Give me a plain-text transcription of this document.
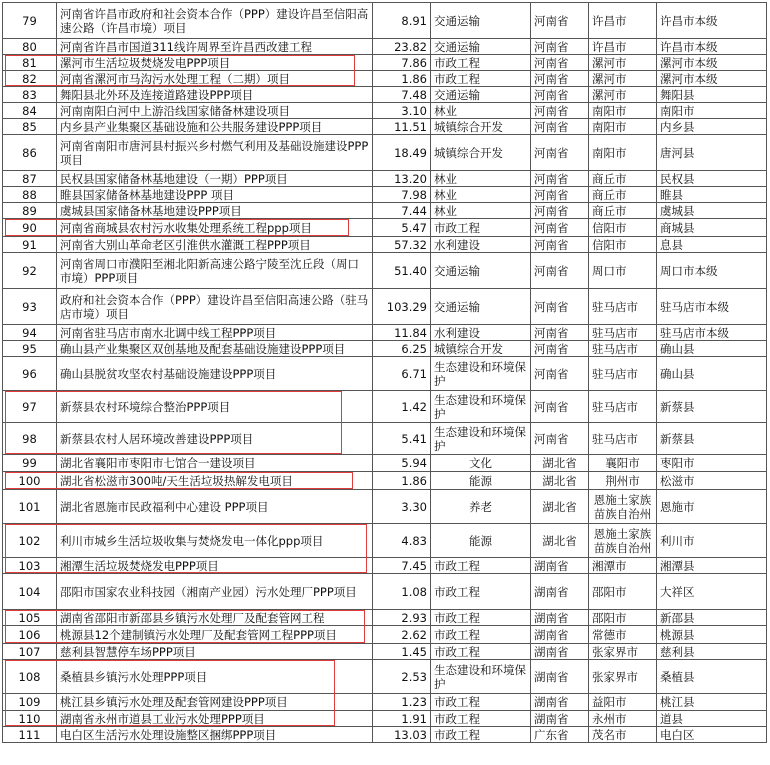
79	河南省许昌市政府和社会资本合作（PPP）建设许昌至信阳高速公路（许昌市境）项目	8.91	交通运输	河南省	许昌市	许昌市本级
80	河南省许昌市国道311线许周界至许昌西改建工程	23.82	交通运输	河南省	许昌市	许昌市本级
81	漯河市生活垃圾焚烧发电PPP项目	7.86	市政工程	河南省	漯河市	漯河市本级
82	河南省漯河市马沟污水处理工程（二期）项目	1.86	市政工程	河南省	漯河市	漯河市本级
83	舞阳县北外环及连接道路建设PPP项目	7.48	交通运输	河南省	漯河市	舞阳县
84	河南南阳白河中上游沿线国家储备林建设项目	3.10	林业	河南省	南阳市	南阳市
85	内乡县产业集聚区基础设施和公共服务建设PPP项目	11.51	城镇综合开发	河南省	南阳市	内乡县
86	河南省南阳市唐河县村振兴乡村燃气利用及基础设施建设PPP项目	18.49	城镇综合开发	河南省	南阳市	唐河县
87	民权县国家储备林基地建设（一期）PPP项目	13.20	林业	河南省	商丘市	民权县
88	睢县国家储备林基地建设PPP 项目	7.98	林业	河南省	商丘市	睢县
89	虞城县国家储备林基地建设PPP项目	7.44	林业	河南省	商丘市	虞城县
90	河南省商城县农村污水收集处理系统工程ppp项目	5.47	市政工程	河南省	信阳市	商城县
91	河南省大别山革命老区引淮供水灌溉工程PPP项目	57.32	水利建设	河南省	信阳市	息县
92	河南省周口市濮阳至湘北阳新高速公路宁陵至沈丘段（周口市境）PPP项目	51.40	交通运输	河南省	周口市	周口市本级
93	政府和社会资本合作（PPP）建设许昌至信阳高速公路（驻马店市境）项目	103.29	交通运输	河南省	驻马店市	驻马店市本级
94	河南省驻马店市南水北调中线工程PPP项目	11.84	水利建设	河南省	驻马店市	驻马店市本级
95	确山县产业集聚区双创基地及配套基础设施建设PPP项目	6.25	城镇综合开发	河南省	驻马店市	确山县
96	确山县脱贫攻坚农村基础设施建设PPP项目	6.71	生态建设和环境保护	河南省	驻马店市	确山县
97	新蔡县农村环境综合整治PPP项目	1.42	生态建设和环境保护	河南省	驻马店市	新蔡县
98	新蔡县农村人居环境改善建设PPP项目	5.41	生态建设和环境保护	河南省	驻马店市	新蔡县
99	湖北省襄阳市枣阳市七馆合一建设项目	5.94	文化	湖北省	襄阳市	枣阳市
100	湖北省松滋市300吨/天生活垃圾热解发电项目	1.86	能源	湖北省	荆州市	松滋市
101	湖北省恩施市民政福利中心建设 PPP项目	3.30	养老	湖北省	恩施土家族苗族自治州	恩施市
102	利川市城乡生活垃圾收集与焚烧发电一体化ppp项目	4.83	能源	湖北省	恩施土家族苗族自治州	利川市
103	湘潭生活垃圾焚烧发电PPP项目	7.45	市政工程	湖南省	湘潭市	湘潭县
104	邵阳市国家农业科技园（湘南产业园）污水处理厂PPP项目	1.08	市政工程	湖南省	邵阳市	大祥区
105	湖南省邵阳市新邵县乡镇污水处理厂及配套管网工程	2.93	市政工程	湖南省	邵阳市	新邵县
106	桃源县12个建制镇污水处理厂及配套管网工程PPP项目	2.62	市政工程	湖南省	常德市	桃源县
107	慈利县智慧停车场PPP项目	1.45	市政工程	湖南省	张家界市	慈利县
108	桑植县乡镇污水处理PPP项目	2.53	生态建设和环境保护	湖南省	张家界市	桑植县
109	桃江县乡镇污水处理及配套管网建设PPP项目	1.23	市政工程	湖南省	益阳市	桃江县
110	湖南省永州市道县工业污水处理PPP项目	1.91	市政工程	湖南省	永州市	道县
111	电白区生活污水处理设施整区捆绑PPP项目	13.03	市政工程	广东省	茂名市	电白区
